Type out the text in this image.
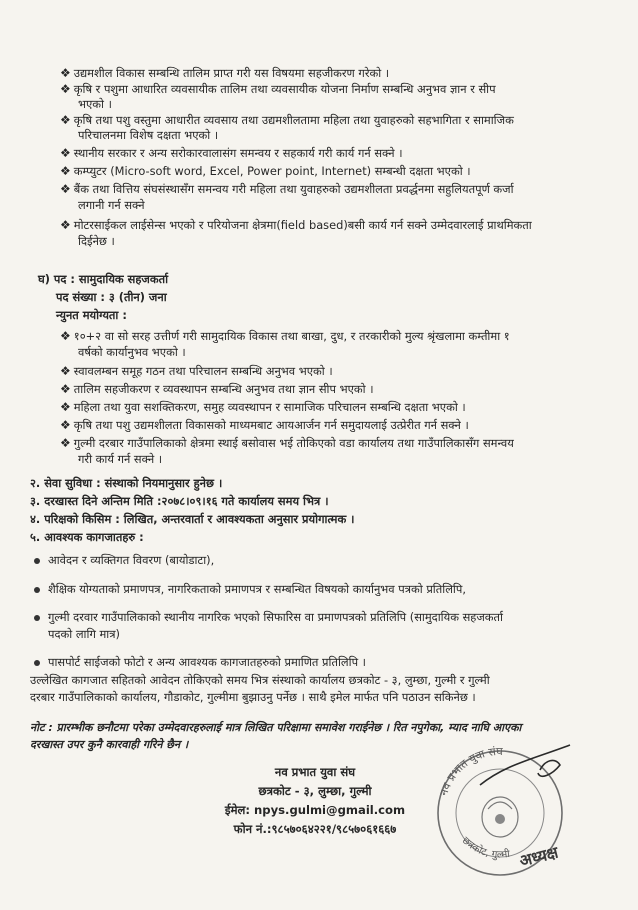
❖ उद्यमशील विकास सम्बन्धि तालिम प्राप्त गरी यस विषयमा सहजीकरण गरेको ।
❖ कृषि र पशुमा आधारित व्यवसायीक तालिम तथा व्यवसायीक योजना निर्माण सम्बन्धि अनुभव ज्ञान र सीप
भएको ।
❖ कृषि तथा पशु वस्तुमा आधारीत व्यवसाय तथा उद्यमशीलतामा महिला तथा युवाहरुको सहभागिता र सामाजिक
परिचालनमा विशेष दक्षता भएको ।
❖ स्थानीय सरकार र अन्य सरोकारवालासंग समन्वय र सहकार्य गरी कार्य गर्न सक्ने ।
❖ कम्प्युटर (Micro-soft word, Excel, Power point, Internet) सम्बन्धी दक्षता भएको ।
❖ बैंक तथा वित्तिय संघसंस्थासँग समन्वय गरी महिला तथा युवाहरुको उद्यमशीलता प्रवर्द्धनमा सहुलियतपूर्ण कर्जा
लगानी गर्न सक्ने
❖ मोटरसाईकल लाईसेन्स भएको र परियोजना क्षेत्रमा(field based)बसी कार्य गर्न सक्ने उम्मेदवारलाई प्राथमिकता
दिईनेछ ।
घ) पद : सामुदायिक सहजकर्ता
पद संख्या : ३ (तीन) जना
न्युनत मयोग्यता :
❖ १०+२ वा सो सरह उत्तीर्ण गरी सामुदायिक विकास तथा बाखा, दुध, र तरकारीको मुल्य श्रृंखलामा कम्तीमा १
वर्षको कार्यानुभव भएको ।
❖ स्वावलम्बन समूह गठन तथा परिचालन सम्बन्धि अनुभव भएको ।
❖ तालिम सहजीकरण र व्यवस्थापन सम्बन्धि अनुभव तथा ज्ञान सीप भएको ।
❖ महिला तथा युवा सशक्तिकरण, समुह व्यवस्थापन र सामाजिक परिचालन सम्बन्धि दक्षता भएको ।
❖ कृषि तथा पशु उद्यमशीलता विकासको माध्यमबाट आयआर्जन गर्न समुदायलाई उत्प्रेरीत गर्न सक्ने ।
❖ गुल्मी दरबार गाउँपालिकाको क्षेत्रमा स्थाई बसोवास भई तोकिएको वडा कार्यालय तथा गाउँपालिकासँग समन्वय
गरी कार्य गर्न सक्ने ।
२. सेवा सुविधा : संस्थाको नियमानुसार हुनेछ ।
३. दरखास्त दिने अन्तिम मिति :२०७८।०९।१६ गते कार्यालय समय भित्र ।
४. परिक्षको किसिम : लिखित, अन्तरवार्ता र आवश्यकता अनुसार प्रयोगात्मक ।
५. आवश्यक कागजातहरु :
आवेदन र व्यक्तिगत विवरण (बायोडाटा),
शैक्षिक योग्यताको प्रमाणपत्र, नागरिकताको प्रमाणपत्र र सम्बन्धित विषयको कार्यानुभव पत्रको प्रतिलिपि,
गुल्मी दरवार गाउँपालिकाको स्थानीय नागरिक भएको सिफारिस वा प्रमाणपत्रको प्रतिलिपि (सामुदायिक सहजकर्ता
पदको लागि मात्र)
पासपोर्ट साईजको फोटो र अन्य आवश्यक कागजातहरुको प्रमाणित प्रतिलिपि ।
उल्लेखित कागजात सहितको आवेदन तोकिएको समय भित्र संस्थाको कार्यालय छत्रकोट - ३, लुम्छा, गुल्मी र गुल्मी
दरबार गाउँपालिकाको कार्यालय, गौडाकोट, गुल्मीमा बुझाउनु पर्नेछ । साथै इमेल मार्फत पनि पठाउन सकिनेछ ।
नोट : प्रारम्भीक छनौटमा परेका उम्मेदवारहरुलाई मात्र लिखित परिक्षामा समावेश गराईनेछ । रित नपुगेका, म्याद नाघि आएका
दरखास्त उपर कुनै कारवाही गरिने छैन ।
नव प्रभात युवा संघ
छत्रकोट - ३, लुम्छा, गुल्मी
ईमेल: npys.gulmi@gmail.com
फोन नं.:९८५७०६४२२१/९८५७०६१६६७
नव प्रभात युवा संघ
छत्रकोट, गुल्मी अध्यक्ष
